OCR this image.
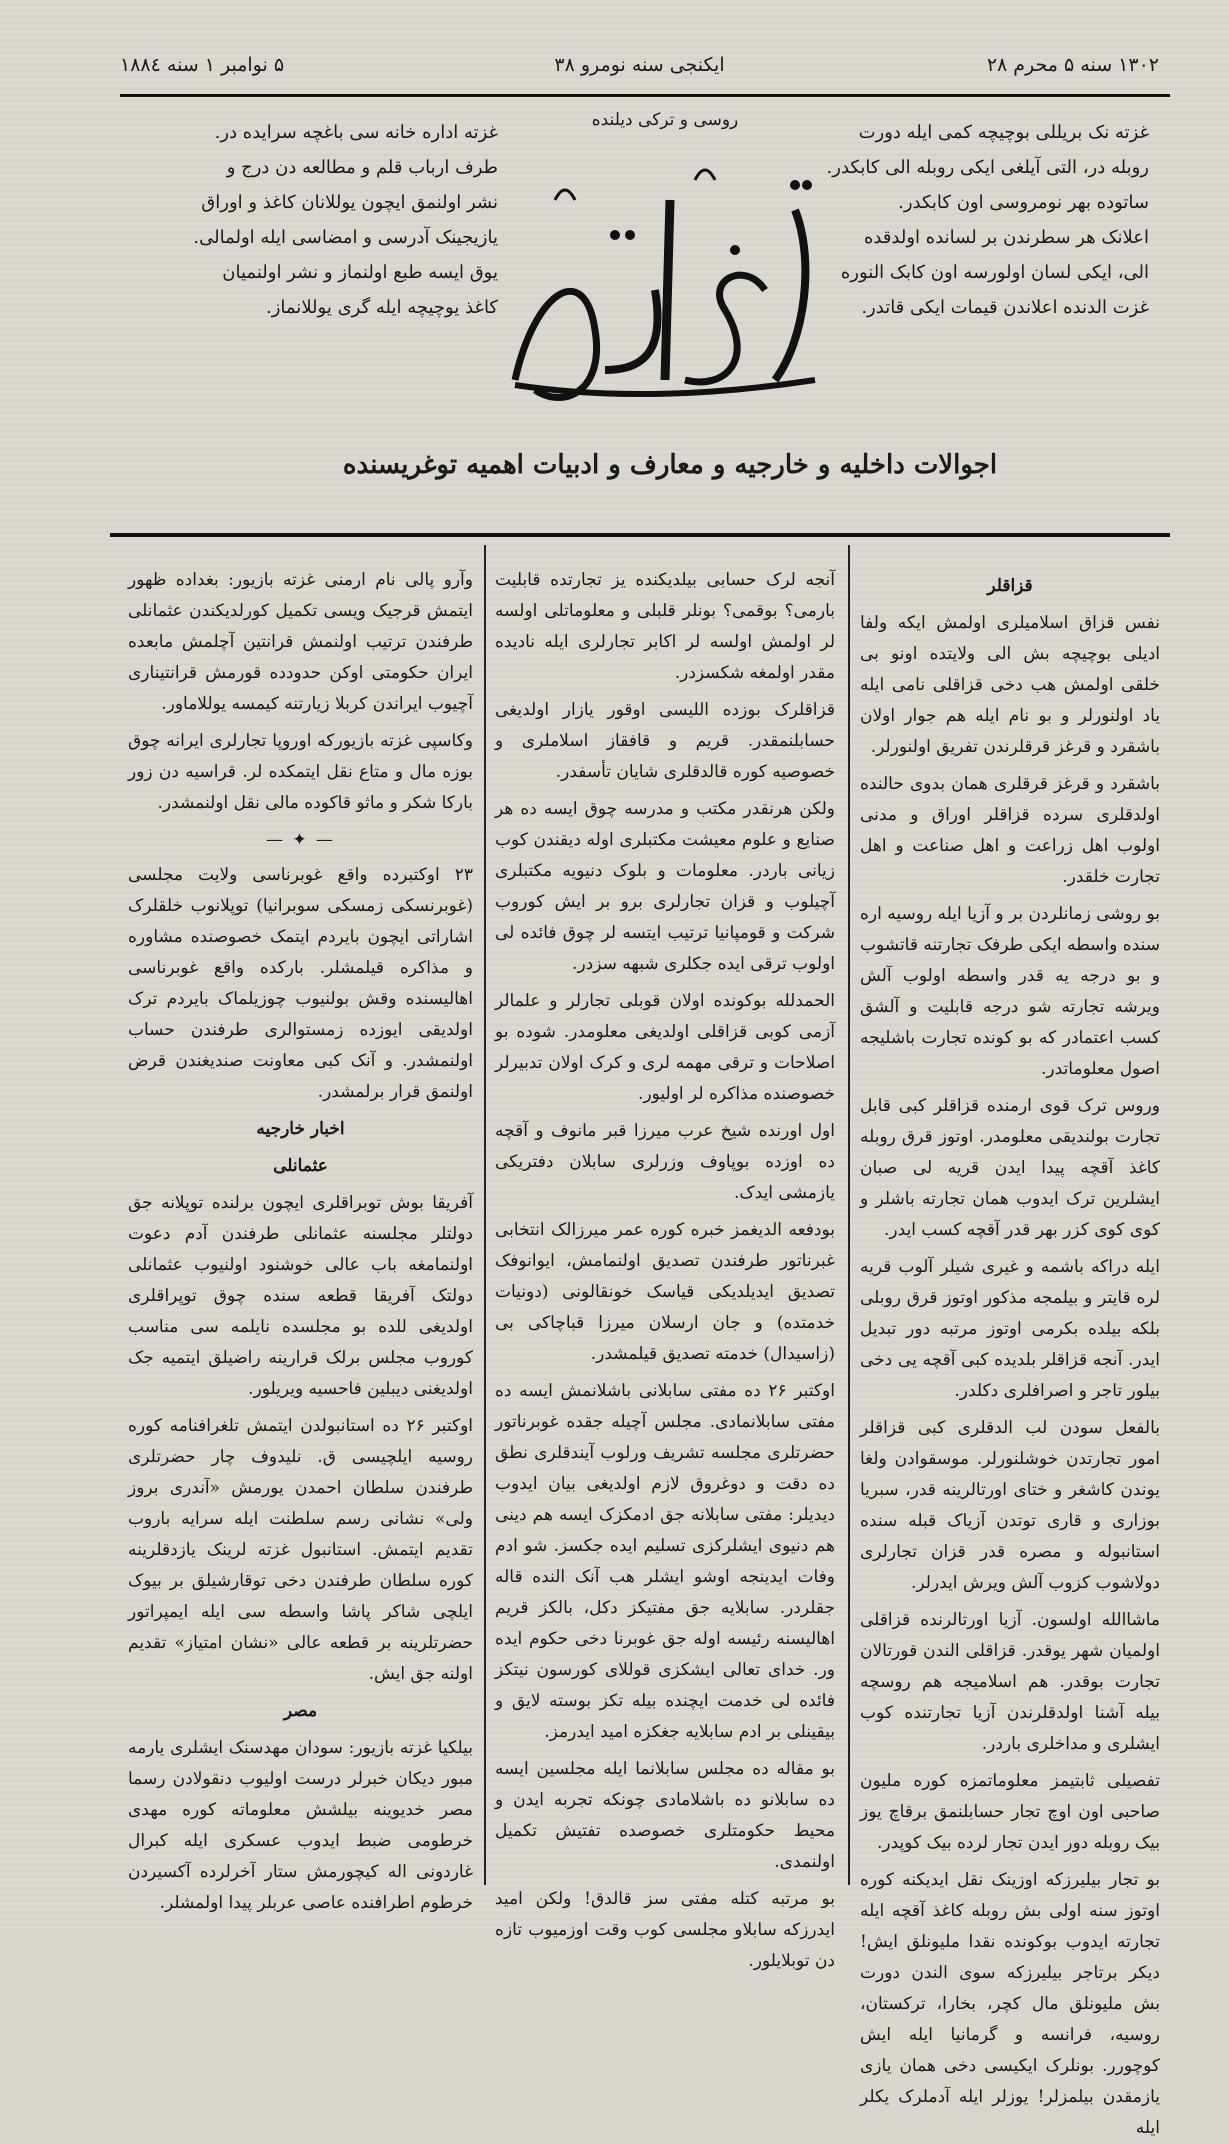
۱۳۰۲ سنه ۵ محرم ۲۸
ایکنجی سنه نومرو ۳۸
۵ نوامبر ۱ سنه ۱۸۸٤

غزته نک بریللی بوچیچه کمی ایله دورت

روبله در، التی آیلغی ایکی روبله الی کابکدر.

ساتوده بهر نومروسی اون کابکدر.

اعلانک هر سطرندن بر لسانده اولدقده

الی، ایکی لسان اولورسه اون کابک النوره

غزت الدنده اعلاندن قیمات ایکی قاتدر.

غزته اداره خانه سی باغچه سرایده در.

طرف ارباب قلم و مطالعه دن درج و

نشر اولنمق ایچون یوللانان کاغذ و اوراق

یازیجینک آدرسی و امضاسی ایله اولمالی.

یوق ایسه طبع اولنماز و نشر اولنمیان

کاغذ یوچیچه ایله گری یوللانماز.

روسی و ترکی دیلنده
اجوالات داخلیه و خارجیه و معارف و ادبیات اهمیه توغریسنده
قزاقلر

نفس قزاق اسلامیلری اولمش ایکه ولفا ادیلی بوچیچه بش الی ولایتده اونو بی خلقی اولمش هب دخی قزاقلی نامی ایله یاد اولنورلر و بو نام ایله هم جوار اولان باشقرد و قرغز قرقلرندن تفریق اولنورلر.

باشقرد و قرغز قرقلری همان بدوی حالنده اولدقلری سرده قزاقلر اوراق و مدنی اولوب اهل زراعت و اهل صناعت و اهل تجارت خلقدر.

بو روشی زمانلردن بر و آزیا ایله روسیه اره سنده واسطه ایکی طرفک تجارتنه قاتشوب و بو درجه یه قدر واسطه اولوب آلش ویرشه تجارته شو درجه قابلیت و آلشق کسب اعتمادر که بو کونده تجارت باشلیجه اصول معلوماتدر.

وروس ترک قوی ارمنده قزاقلر کبی قابل تجارت بولندیقی معلومدر. اوتوز قرق روبله کاغذ آقچه پیدا ایدن قریه لی صبان ایشلرین ترک ایدوب همان تجارته باشلر و کوی کوی کزر بهر قدر آقچه کسب ایدر.

ایله دراکه باشمه و غیری شیلر آلوب قریه لره قایتر و بیلمجه مذکور اوتوز قرق روبلی بلکه بیلده بکرمی اوتوز مرتبه دور تبدیل ایدر. آنجه قزاقلر بلدیده کبی آقچه یی دخی بیلور تاجر و اصرافلری دکلدر.

بالفعل سودن لب الدقلری کبی قزاقلر امور تجارتدن خوشلنورلر. موسقوادن ولغا یوندن کاشغر و ختای اورتالرینه قدر، سبریا بوزاری و قاری توتدن آزیاک قبله سنده استانبوله و مصره قدر قزان تجارلری دولاشوب کزوب آلش ویرش ایدرلر.

ماشاالله اولسون. آزیا اورتالرنده قزاقلی اولمیان شهر یوقدر. قزاقلی الندن قورتالان تجارت بوقدر. هم اسلامیجه هم روسچه بیله آشنا اولدقلرندن آزیا تجارتنده کوب ایشلری و مداخلری باردر.

تفصیلی ثابتیمز معلوماتمزه کوره ملیون صاحبی اون اوچ تجار حسابلنمق برقاچ یوز بیک روبله دور ایدن تجار لرده بیک کوپدر.

بو تجار بیلیرزکه اوزینک نقل ایدیکنه کوره اوتوز سنه اولی بش روبله کاغذ آقچه ایله تجارته ایدوب بوکونده نقدا ملیونلق ایش! دیکر برتاجر بیلیرزکه سوی الندن دورت بش ملیونلق مال کچر، بخارا، ترکستان، روسیه، فرانسه و گرمانیا ایله ایش کوچورر. بونلرک ایکیسی دخی همان یازی یازمقدن بیلمزلر! یوزلر ایله آدملرک یکلر ایله

آنجه لرک حسابی بیلدیکنده یز تجارتده قابلیت بارمی؟ بوقمی؟ بونلر قلبلی و معلوماتلی اولسه لر اولمش اولسه لر اکابر تجارلری ایله نادیده مقدر اولمغه شکسزدر.

قزاقلرک بوزده اللیسی اوقور یازار اولدیغی حسابلنمقدر. قریم و قافقاز اسلاملری و خصوصیه کوره قالدقلری شایان تأسفدر.

ولکن هرنقدر مکتب و مدرسه چوق ایسه ده هر صنایع و علوم معیشت مکتبلری اوله دیقندن کوب زیانی باردر. معلومات و بلوک دنیویه مکتبلری آچیلوب و قزان تجارلری برو بر ایش کوروب شرکت و قومپانیا ترتیب ایتسه لر چوق فائده لی اولوب ترقی ایده جکلری شبهه سزدر.

الحمدلله بوکونده اولان قوبلی تجارلر و علمالر آزمی کوبی قزاقلی اولدیغی معلومدر. شوده بو اصلاحات و ترقی مهمه لری و کرک اولان تدبیرلر خصوصنده مذاکره لر اولیور.

اول اورنده شیخ عرب میرزا قبر مانوف و آقچه ده اوزده بوپاوف وزرلری سابلان دفتریکی یازمشی ایدک.

بودفعه الدیغمز خبره کوره عمر میرزالک انتخابی غبرناتور طرفندن تصدیق اولنمامش، ایوانوفک تصدیق ایدیلدیکی قیاسک خونقالونی (دونیات خدمتده) و جان ارسلان میرزا قباچاکی بی (زاسیدال) خدمته تصدیق قیلمشدر.

اوکتبر ۲۶ ده مفتی سابلانی باشلانمش ایسه ده مفتی سابلانمادی. مجلس آچیله جقده غوبرناتور حضرتلری مجلسه تشریف ورلوب آیندقلری نطق ده دقت و دوغروق لازم اولدیغی بیان ایدوب دیدیلر: مفتی سابلانه جق ادمکزک ایسه هم دینی هم دنیوی ایشلرکزی تسلیم ایده جکسز. شو ادم وفات ایدینجه اوشو ایشلر هب آنک النده قاله جقلردر. سابلایه جق مفتیکز دکل، بالکز قریم اهالیسنه رئیسه اوله جق غوبرنا دخی حکوم ایده ور. خدای تعالی ایشکزی قوللای کورسون نیتکز فائده لی خدمت ایچنده بیله تکز بوسته لایق و بیقینلی بر ادم سابلایه جغکزه امید ایدرمز.

بو مقاله ده مجلس سابلانما ایله مجلسین ایسه ده سابلانو ده باشلامادی چونکه تجربه ایدن و محیط حکومتلری خصوصده تفتیش تکمیل اولنمدی.

بو مرتبه کتله مفتی سز قالدق! ولکن امید ایدرزکه سابلاو مجلسی کوب وقت اوزمیوب تازه دن توبلایلور.

وآرو پالی نام ارمنی غزته بازیور: بغداده ظهور ایتمش قرجیک ویسی تکمیل کورلدیکندن عثمانلی طرفندن ترتیب اولنمش قرانتین آچلمش مابعده ایران حکومتی اوکن حدودده قورمش قرانتیناری آچیوب ایراندن کربلا زیارتنه کیمسه یوللاماور.

وکاسپی غزته بازیورکه اوروپا تجارلری ایرانه چوق بوزه مال و متاع نقل ایتمکده لر. قراسیه دن زور بارکا شکر و ماثو قاکوده مالی نقل اولنمشدر.

— ✦ —

۲۳ اوکتبرده واقع غوبرناسی ولایت مجلسی (غوبرنسکی زمسکی سوبرانیا) توپلانوب خلقلرک اشاراتی ایچون بایردم ایتمک خصوصنده مشاوره و مذاکره قیلمشلر. بارکده واقع غوبرناسی اهالیسنده وقش بولنیوب چوزیلماک بایردم ترک اولدیقی ایوزده زمستوالری طرفندن حساب اولنمشدر. و آنک کبی معاونت صندیغندن قرض اولنمق قرار برلمشدر.

اخبار خارجیه
عثمانلی

آفریقا بوش توبراقلری ایچون برلنده توپلانه جق دولتلر مجلسنه عثمانلی طرفندن آدم دعوت اولنمامغه باب عالی خوشنود اولنیوب عثمانلی دولتک آفریقا قطعه سنده چوق توپراقلری اولدیغی للده بو مجلسده نایلمه سی مناسب کوروب مجلس برلک قرارینه راضیلق ایتمیه جک اولدیغنی دیبلین فاحسیه ویریلور.

اوکتبر ۲۶ ده استانبولدن ایتمش تلغرافنامه کوره روسیه ایلچیسی ق. نلیدوف چار حضرتلری طرفندن سلطان احمدن یورمش «آندری بروز ولی» نشانی رسم سلطنت ایله سرایه باروب تقدیم ایتمش. استانبول غزته لرینک یازدقلرینه کوره سلطان طرفندن دخی توقارشیلق بر بیوک ایلچی شاکر پاشا واسطه سی ایله ایمپراتور حضرتلرینه بر قطعه عالی «نشان امتیاز» تقدیم اولنه جق ایش.

مصر

بیلکیا غزته بازیور: سودان مهدسنک ایشلری یارمه مبور دیکان خبرلر درست اولیوب دنقولادن رسما مصر خدیوینه بیلشش معلوماته کوره مهدی خرطومی ضبط ایدوب عسکری ایله کبرال غاردونی اله کیچورمش ستار آخرلرده آکسیردن خرطوم اطرافنده عاصی عربلر پیدا اولمشلر.
